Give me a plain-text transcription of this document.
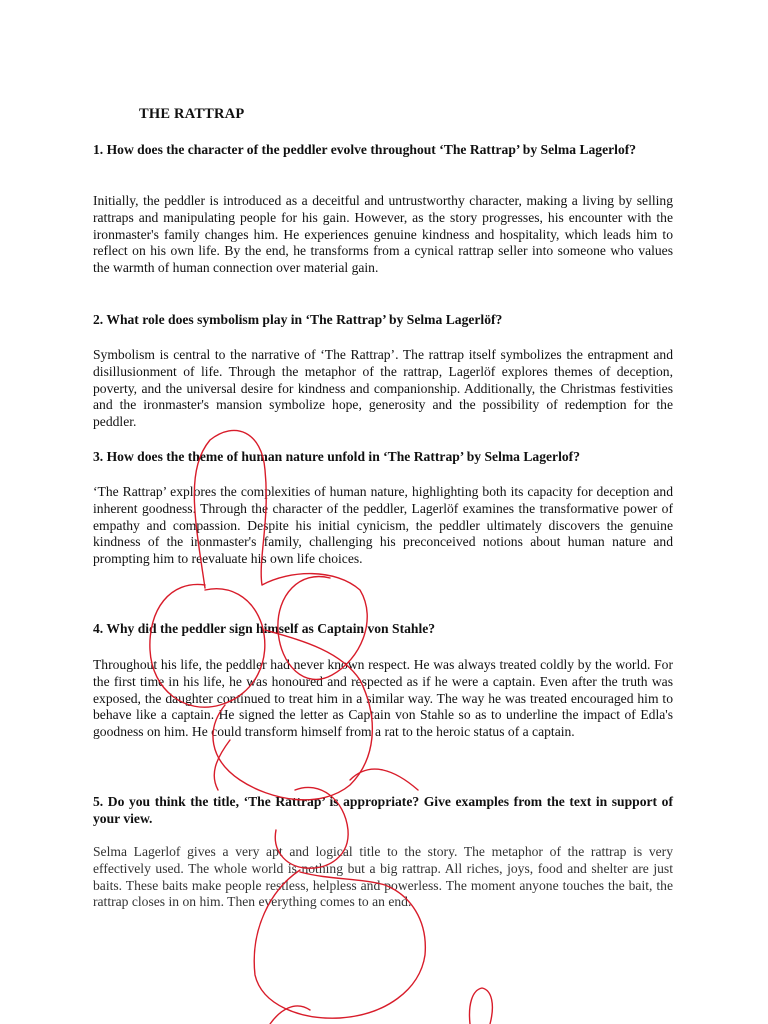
THE RATTRAP
1. How does the character of the peddler evolve throughout ‘The Rattrap’ by Selma Lagerlof?
Initially, the peddler is introduced as a deceitful and untrustworthy character, making a living by selling rattraps and manipulating people for his gain. However, as the story progresses, his encounter with the ironmaster's family changes him. He experiences genuine kindness and hospitality, which leads him to reflect on his own life. By the end, he transforms from a cynical rattrap seller into someone who values the warmth of human connection over material gain.
2. What role does symbolism play in ‘The Rattrap’ by Selma Lagerlöf?
Symbolism is central to the narrative of ‘The Rattrap’. The rattrap itself symbolizes the entrapment and disillusionment of life. Through the metaphor of the rattrap, Lagerlöf explores themes of deception, poverty, and the universal desire for kindness and companionship. Additionally, the Christmas festivities and the ironmaster's mansion symbolize hope, generosity and the possibility of redemption for the peddler.
3. How does the theme of human nature unfold in ‘The Rattrap’ by Selma Lagerlof?
‘The Rattrap’ explores the complexities of human nature, highlighting both its capacity for deception and inherent goodness. Through the character of the peddler, Lagerlöf examines the transformative power of empathy and compassion. Despite his initial cynicism, the peddler ultimately discovers the genuine kindness of the ironmaster's family, challenging his preconceived notions about human nature and prompting him to reevaluate his own life choices.
4. Why did the peddler sign himself as Captain von Stahle?
Throughout his life, the peddler had never known respect. He was always treated coldly by the world. For the first time in his life, he was honoured and respected as if he were a captain. Even after the truth was exposed, the daughter continued to treat him in a similar way. The way he was treated encouraged him to behave like a captain. He signed the letter as Captain von Stahle so as to underline the impact of Edla's goodness on him. He could transform himself from a rat to the heroic status of a captain.
5. Do you think the title, ‘The Rattrap’ is appropriate? Give examples from the text in support of your view.
Selma Lagerlof gives a very apt and logical title to the story. The metaphor of the rattrap is very effectively used. The whole world is nothing but a big rattrap. All riches, joys, food and shelter are just baits. These baits make people restless, helpless and powerless. The moment anyone touches the bait, the rattrap closes in on him. Then everything comes to an end.
